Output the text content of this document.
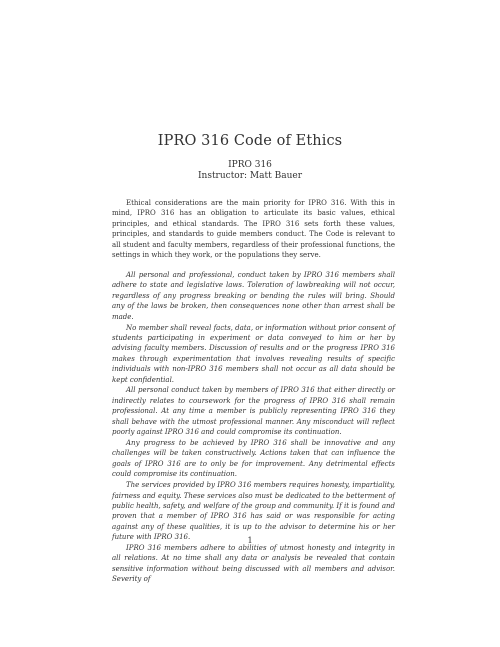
IPRO 316 Code of Ethics
IPRO 316
Instructor: Matt Bauer

Ethical considerations are the main priority for IPRO 316. With this in mind, IPRO 316 has an obligation to articulate its basic values, ethical principles, and ethical standards. The IPRO 316 sets forth these values, principles, and standards to guide members conduct. The Code is relevant to all student and faculty members, regardless of their professional functions, the settings in which they work, or the populations they serve.

All personal and professional, conduct taken by IPRO 316 members shall adhere to state and legislative laws. Toleration of lawbreaking will not occur, regardless of any progress breaking or bending the rules will bring. Should any of the laws be broken, then consequences none other than arrest shall be made.

No member shall reveal facts, data, or information without prior consent of students participating in experiment or data conveyed to him or her by advising faculty members. Discussion of results and or the progress IPRO 316 makes through experimentation that involves revealing results of specific individuals with non-IPRO 316 members shall not occur as all data should be kept confidential.

All personal conduct taken by members of IPRO 316 that either directly or indirectly relates to coursework for the progress of IPRO 316 shall remain professional. At any time a member is publicly representing IPRO 316 they shall behave with the utmost professional manner. Any misconduct will reflect poorly against IPRO 316 and could compromise its continuation.

Any progress to be achieved by IPRO 316 shall be innovative and any challenges will be taken constructively. Actions taken that can influence the goals of IPRO 316 are to only be for improvement. Any detrimental effects could compromise its continuation.

The services provided by IPRO 316 members requires honesty, impartiality, fairness and equity. These services also must be dedicated to the betterment of public health, safety, and welfare of the group and community. If it is found and proven that a member of IPRO 316 has said or was responsible for acting against any of these qualities, it is up to the advisor to determine his or her future with IPRO 316.

IPRO 316 members adhere to abilities of utmost honesty and integrity in all relations. At no time shall any data or analysis be revealed that contain sensitive information without being discussed with all members and advisor. Severity of

1
